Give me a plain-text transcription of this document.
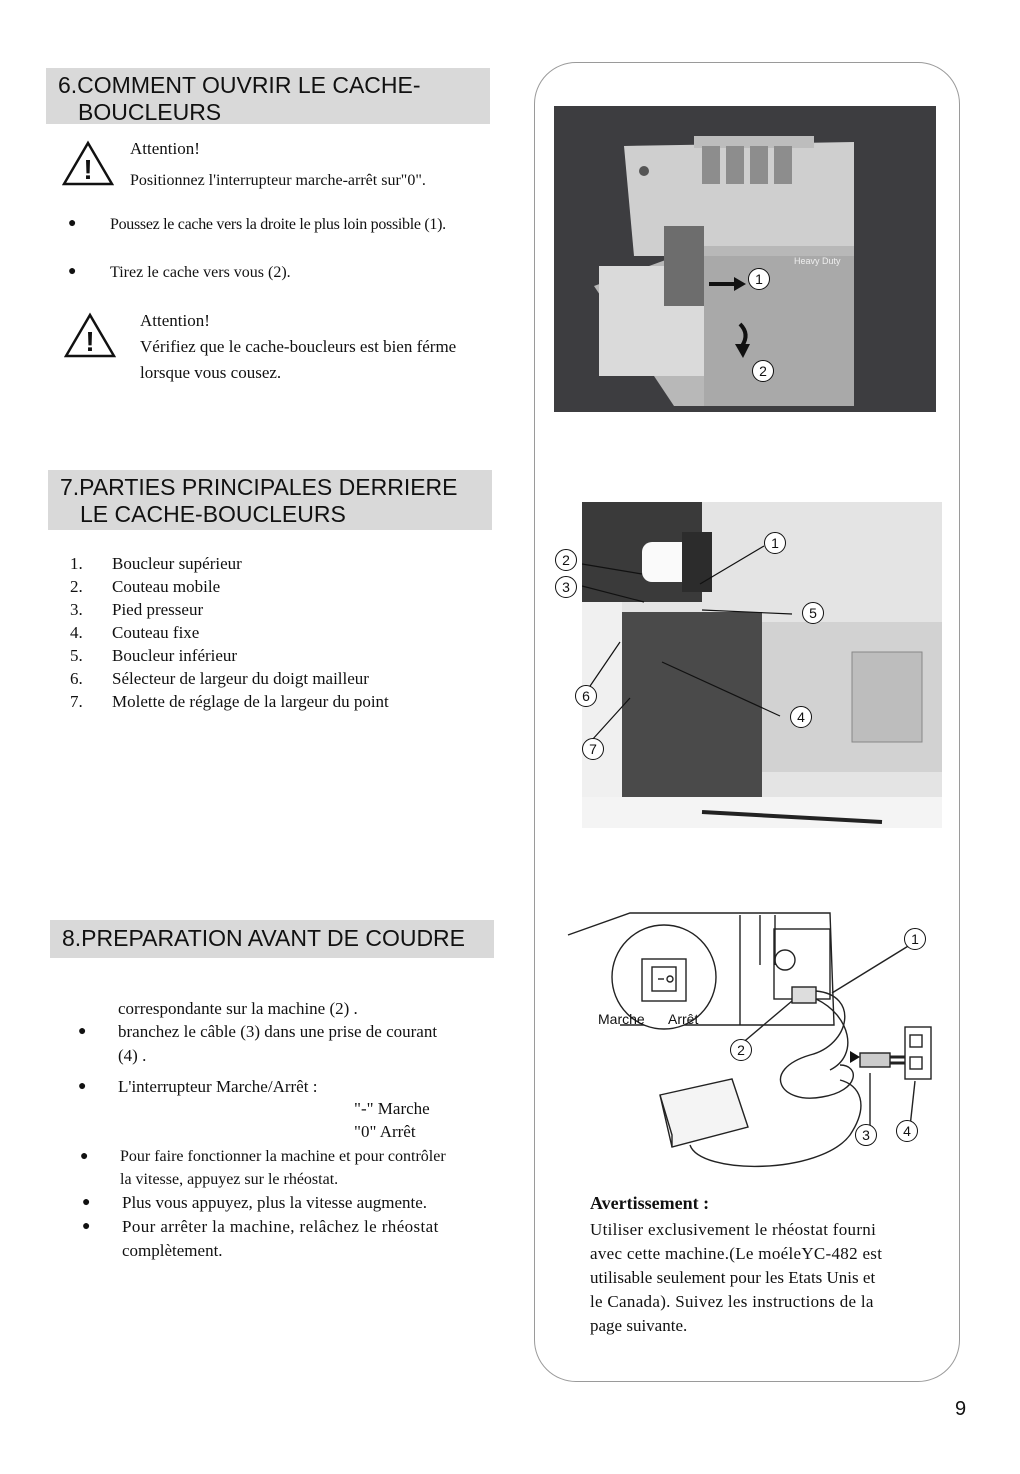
6.COMMENT OUVRIR LE CACHE-
BOUCLEURS
!
Attention!
Positionnez l'interrupteur marche-arrêt sur"0".
● Poussez le cache vers la droite le plus loin possible (1).
● Tirez le cache vers vous (2).
!
Attention!
Vérifiez que le cache-boucleurs est bien férme
lorsque vous cousez.
Heavy Duty
1
2
7.PARTIES PRINCIPALES DERRIERE
LE CACHE-BOUCLEURS
1. Boucleur supérieur
2. Couteau mobile
3. Pied presseur
4. Couteau fixe
5. Boucleur inférieur
6. Sélecteur de largeur du doigt mailleur
7. Molette de réglage de la largeur du point
1
5
4
2
3
6
7
8.PREPARATION AVANT DE COUDRE
correspondante sur la machine (2) .
● branchez le câble (3) dans une prise de courant
(4) .
● L'interrupteur Marche/Arrêt :
"-" Marche
"0" Arrêt
● Pour faire fonctionner la machine et pour contrôler
la vitesse, appuyez sur le rhéostat.
● Plus vous appuyez, plus la vitesse augmente.
● Pour arrêter la machine, relâchez le rhéostat
complètement.
Marche Arrêt
1
2
3	4
Avertissement :
Utiliser exclusivement le rhéostat fourni
avec cette machine.(Le moéleYC-482 est
utilisable seulement pour les Etats Unis et
le Canada). Suivez les instructions de la
page suivante.
9
